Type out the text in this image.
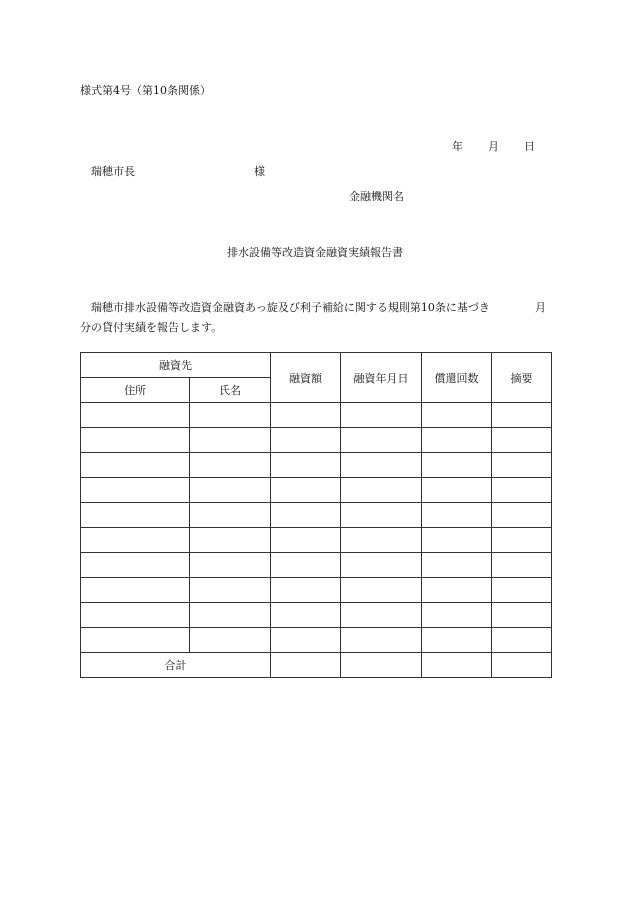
様式第4号（第10条関係）
年 月 日
瑞穂市長	様
金融機関名
排水設備等改造資金融資実績報告書
瑞穂市排水設備等改造資金融資あっ旋及び利子補給に関する規則第10条に基づき	月
分の貸付実績を報告します。
融資先		融資額	融資年月日	償還回数	摘要
住所	氏名				

合計					
